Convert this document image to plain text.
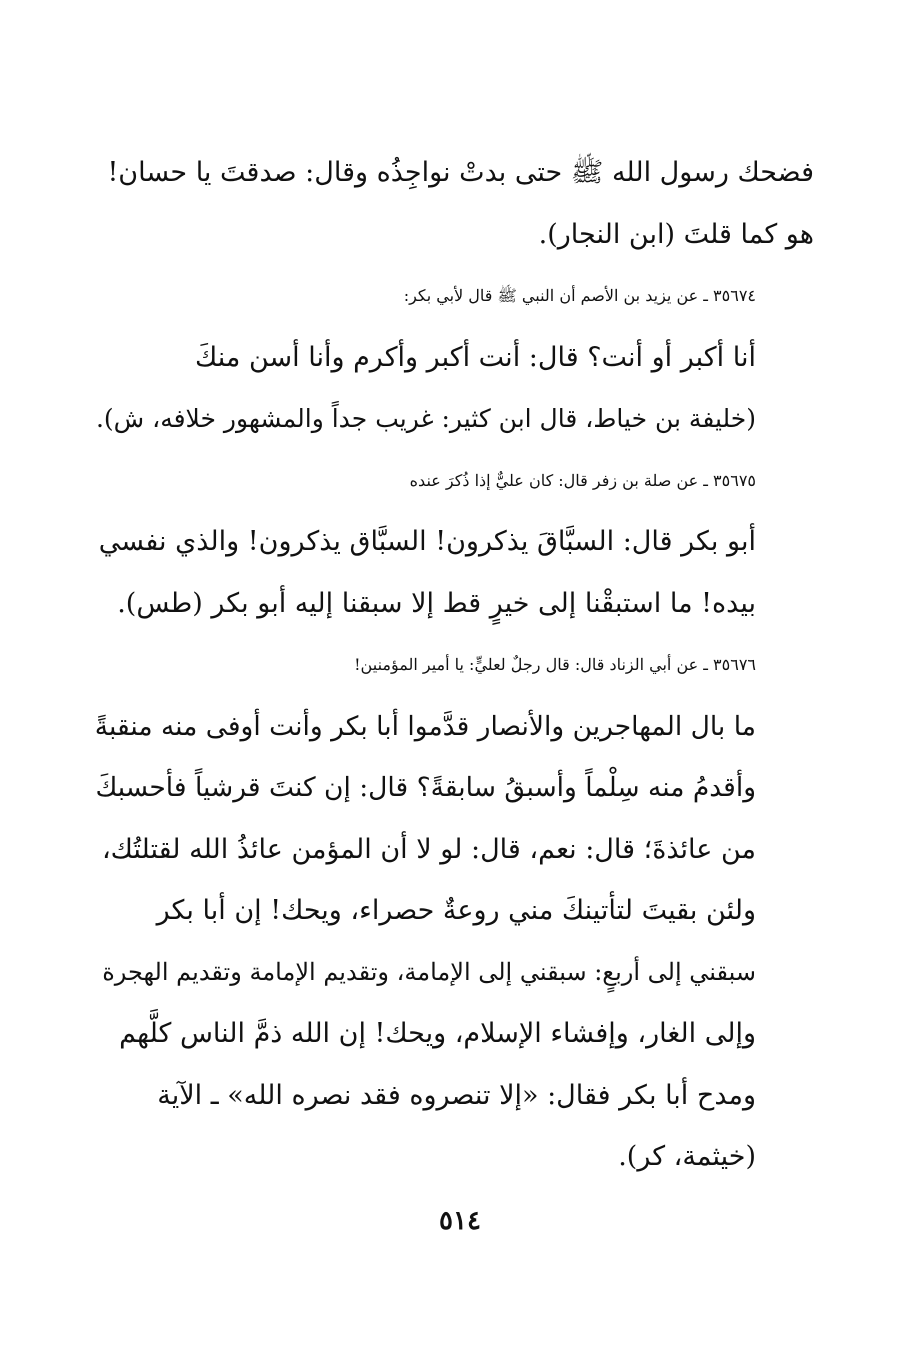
فضحك رسول الله ﷺ حتى بدتْ نواجِذُه وقال: صدقتَ يا حسان!
هو كما قلتَ (ابن النجار).

٣٥٦٧٤ ـ عن يزيد بن الأصم أن النبي ﷺ قال لأبي بكر:
أنا أكبر أو أنت؟ قال: أنت أكبر وأكرم وأنا أسن منكَ
(خليفة بن خياط، قال ابن كثير: غريب جداً والمشهور خلافه، ش).

٣٥٦٧٥ ـ عن صلة بن زفر قال: كان عليٌّ إذا ذُكرَ عنده
أبو بكر قال: السبَّاقَ يذكرون! السبَّاق يذكرون! والذي نفسي
بيده! ما استبقْنا إلى خيرٍ قط إلا سبقنا إليه أبو بكر (طس).

٣٥٦٧٦ ـ عن أبي الزناد قال: قال رجلٌ لعليٍّ: يا أمير المؤمنين!
ما بال المهاجرين والأنصار قدَّموا أبا بكر وأنت أوفى منه منقبةً
وأقدمُ منه سِلْماً وأسبقُ سابقةً؟ قال: إن كنتَ قرشياً فأحسبكَ
من عائذةَ؛ قال: نعم، قال: لو لا أن المؤمن عائذُ الله لقتلتُك،
ولئن بقيتَ لتأتينكَ مني روعةٌ حصراء، ويحك! إن أبا بكر
سبقني إلى أربعٍ: سبقني إلى الإمامة، وتقديم الإمامة وتقديم الهجرة
وإلى الغار، وإفشاء الإسلام، ويحك! إن الله ذمَّ الناس كلَّهم
ومدح أبا بكر فقال: «إلا تنصروه فقد نصره الله» ـ الآية
(خيثمة، كر).

٥١٤
